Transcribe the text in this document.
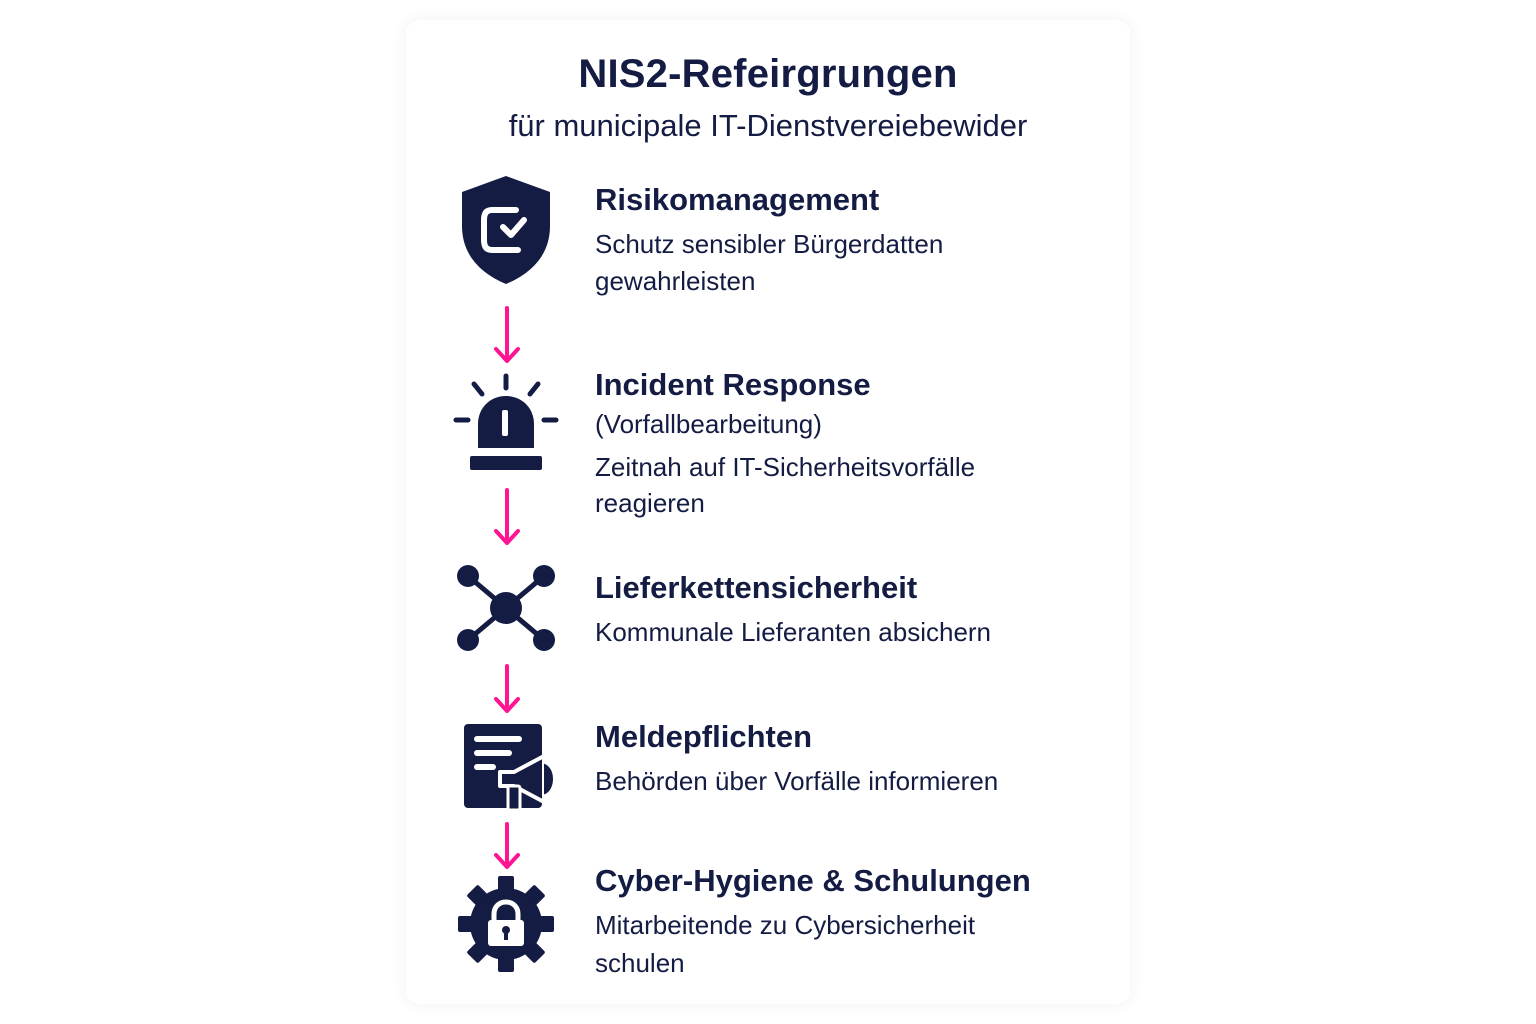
NIS2-Refeirgrungen
für municipale IT-Dienstvereiebewider
Risikomanagement
Schutz sensibler Bürgerdatten
gewahrleisten
Incident Response
(Vorfallbearbeitung)
Zeitnah auf IT-Sicherheitsvorfälle
reagieren
Lieferkettensicherheit
Kommunale Lieferanten absichern
Meldepflichten
Behörden über Vorfälle informieren
Cyber-Hygiene & Schulungen
Mitarbeitende zu Cybersicherheit
schulen
